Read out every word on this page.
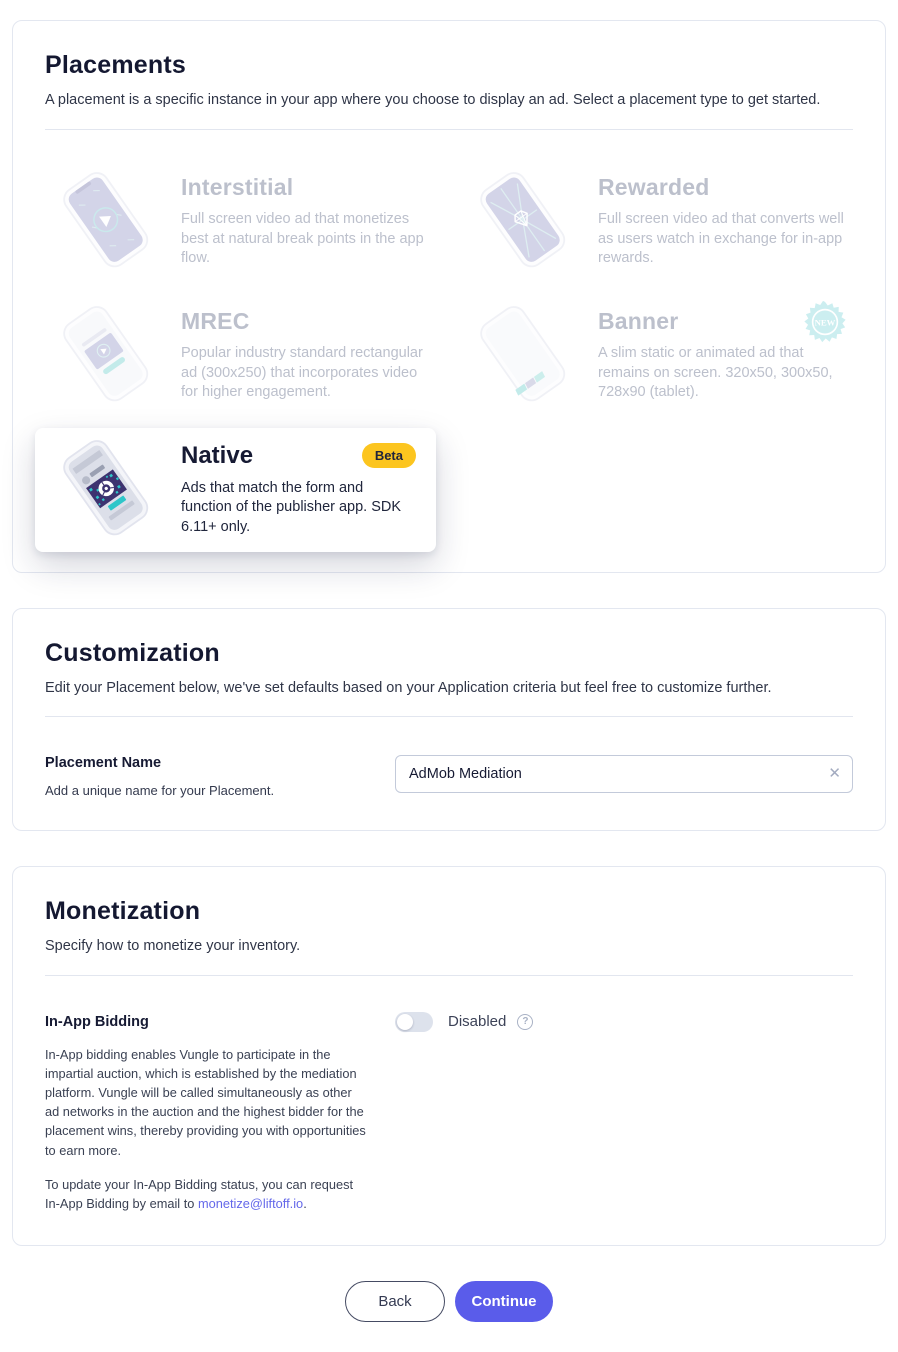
Placements
A placement is a specific instance in your app where you choose to display an ad. Select a placement type to get started.
Interstitial
Full screen video ad that monetizes best at natural break points in the app flow.
Rewarded
Full screen video ad that converts well as users watch in exchange for in-app rewards.
MREC
Popular industry standard rectangular ad (300x250) that incorporates video for higher engagement.
Banner
A slim static or animated ad that remains on screen. 320x50, 300x50, 728x90 (tablet).
NEW
Native	Beta
Ads that match the form and function of the publisher app. SDK 6.11+ only.
Customization
Edit your Placement below, we've set defaults based on your Application criteria but feel free to customize further.
Placement Name
Add a unique name for your Placement.
AdMob Mediation
✕
Monetization
Specify how to monetize your inventory.
In-App Bidding
In-App bidding enables Vungle to participate in the impartial auction, which is established by the mediation platform. Vungle will be called simultaneously as other ad networks in the auction and the highest bidder for the placement wins, thereby providing you with opportunities to earn more.
To update your In-App Bidding status, you can request In-App Bidding by email to monetize@liftoff.io.
Disabled	?
Back	Continue
